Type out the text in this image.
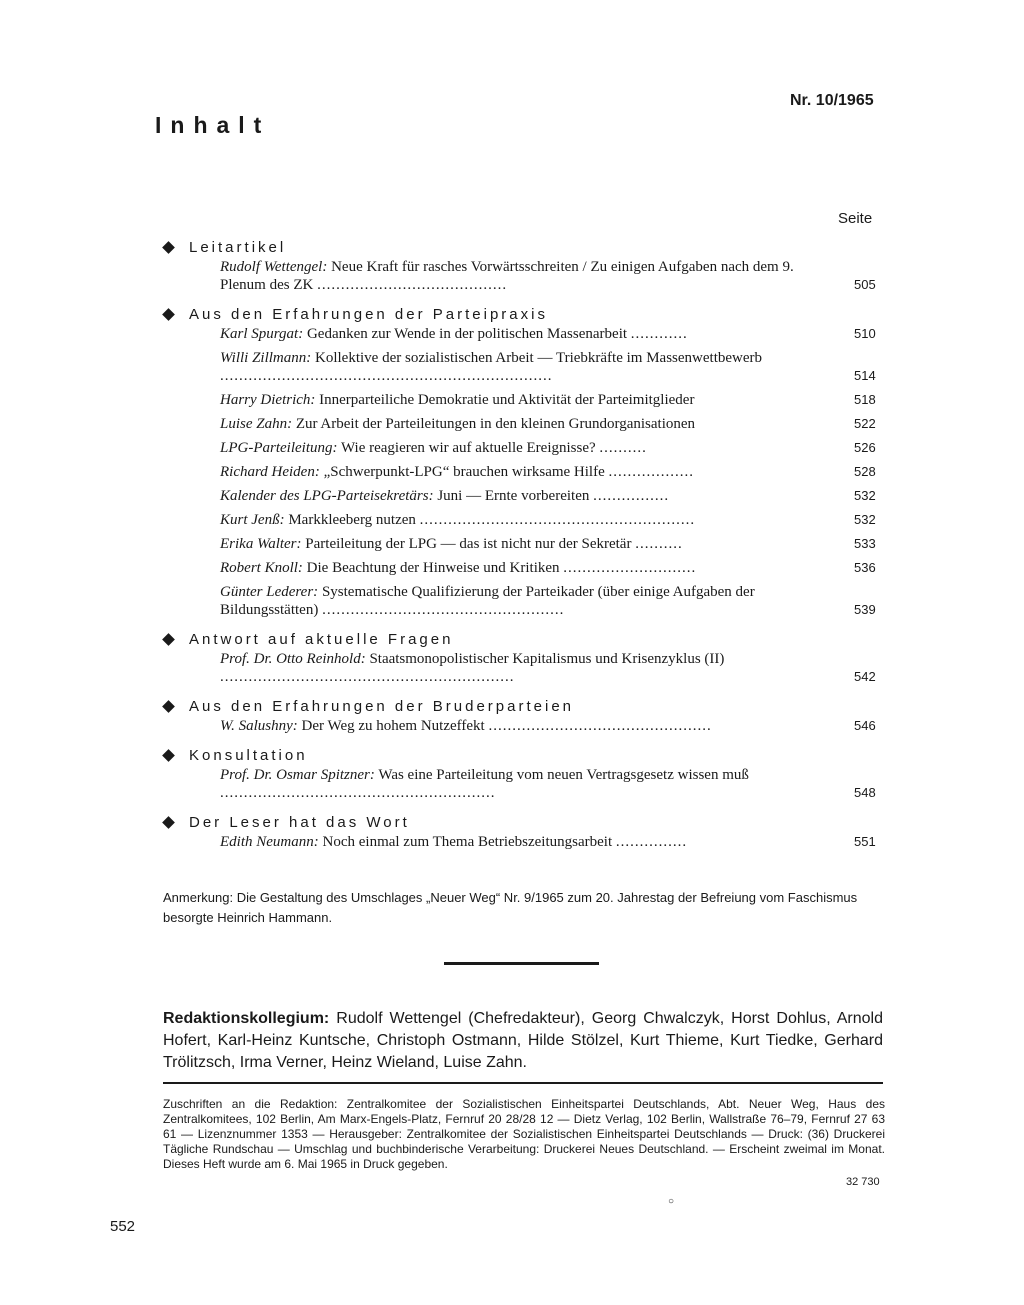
Nr. 10/1965
Inhalt
Seite
Leitartikel
Rudolf Wettengel: Neue Kraft für rasches Vorwärtsschreiten / Zu einigen Aufgaben nach dem 9. Plenum des ZK ........................................	505
Aus den Erfahrungen der Parteipraxis
Karl Spurgat: Gedanken zur Wende in der politischen Massenarbeit ............	510
Willi Zillmann: Kollektive der sozialistischen Arbeit — Triebkräfte im Massenwettbewerb ......................................................................	514
Harry Dietrich: Innerparteiliche Demokratie und Aktivität der Parteimitglieder	518
Luise Zahn: Zur Arbeit der Parteileitungen in den kleinen Grundorganisationen	522
LPG-Parteileitung: Wie reagieren wir auf aktuelle Ereignisse? ..........	526
Richard Heiden: „Schwerpunkt-LPG“ brauchen wirksame Hilfe ..................	528
Kalender des LPG-Parteisekretärs: Juni — Ernte vorbereiten ................	532
Kurt Jenß: Markkleeberg nutzen ..........................................................	532
Erika Walter: Parteileitung der LPG — das ist nicht nur der Sekretär ..........	533
Robert Knoll: Die Beachtung der Hinweise und Kritiken ............................	536
Günter Lederer: Systematische Qualifizierung der Parteikader (über einige Aufgaben der Bildungsstätten) ...................................................	539
Antwort auf aktuelle Fragen
Prof. Dr. Otto Reinhold: Staatsmonopolistischer Kapitalismus und Krisenzyklus (II) ..............................................................	542
Aus den Erfahrungen der Bruderparteien
W. Salushny: Der Weg zu hohem Nutzeffekt ...............................................	546
Konsultation
Prof. Dr. Osmar Spitzner: Was eine Parteileitung vom neuen Vertragsgesetz wissen muß ..........................................................	548
Der Leser hat das Wort
Edith Neumann: Noch einmal zum Thema Betriebszeitungsarbeit ...............	551
Anmerkung: Die Gestaltung des Umschlages „Neuer Weg“ Nr. 9/1965 zum 20. Jahrestag der Befreiung vom Faschismus besorgte Heinrich Hammann.
Redaktionskollegium: Rudolf Wettengel (Chefredakteur), Georg Chwalczyk, Horst Dohlus, Arnold Hofert, Karl-Heinz Kuntsche, Christoph Ostmann, Hilde Stölzel, Kurt Thieme, Kurt Tiedke, Gerhard Trölitzsch, Irma Verner, Heinz Wieland, Luise Zahn.
Zuschriften an die Redaktion: Zentralkomitee der Sozialistischen Einheitspartei Deutschlands, Abt. Neuer Weg, Haus des Zentralkomitees, 102 Berlin, Am Marx-Engels-Platz, Fernruf 20 28/28 12 — Dietz Verlag, 102 Berlin, Wallstraße 76–79, Fernruf 27 63 61 — Lizenznummer 1353 — Herausgeber: Zentralkomitee der Sozialistischen Einheitspartei Deutschlands — Druck: (36) Druckerei Tägliche Rundschau — Umschlag und buchbinderische Verarbeitung: Druckerei Neues Deutschland. — Erscheint zweimal im Monat. Dieses Heft wurde am 6. Mai 1965 in Druck gegeben.
32 730
○
552
